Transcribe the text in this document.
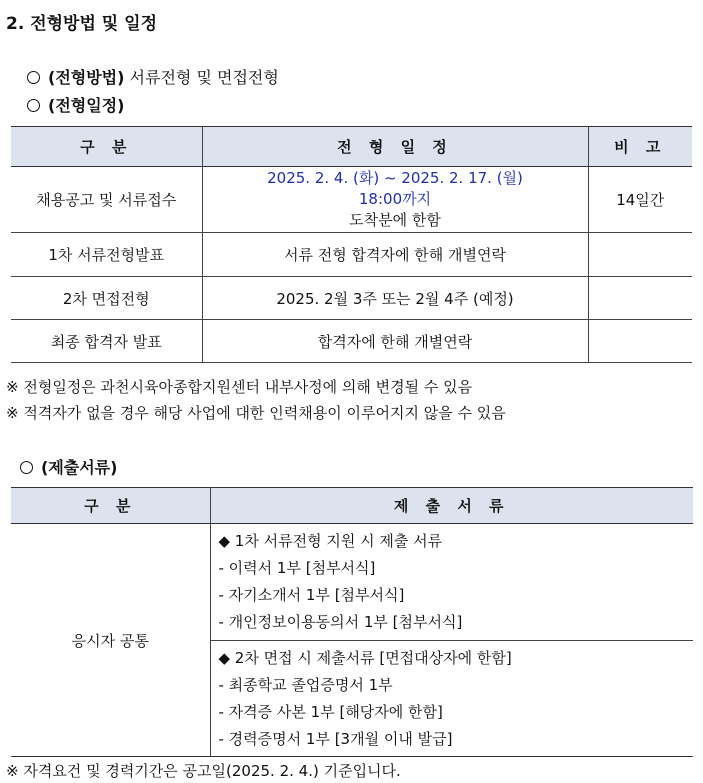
2. 전형방법 및 일정
(전형방법) 서류전형 및 면접전형
(전형일정)
구 분	전 형 일 정	비 고
채용공고 및 서류접수	2025. 2. 4. (화) ~ 2025. 2. 17. (월)
18:00까지
도착분에 한함	14일간
1차 서류전형발표	서류 전형 합격자에 한해 개별연락	
2차 면접전형	2025. 2월 3주 또는 2월 4주 (예정)	
최종 합격자 발표	합격자에 한해 개별연락	
※ 전형일정은 과천시육아종합지원센터 내부사정에 의해 변경될 수 있음
※ 적격자가 없을 경우 해당 사업에 대한 인력채용이 이루어지지 않을 수 있음
(제출서류)
구 분	제 출 서 류
응시자 공통	◆ 1차 서류전형 지원 시 제출 서류
- 이력서 1부 [첨부서식]
- 자기소개서 1부 [첨부서식]
- 개인정보이용동의서 1부 [첨부서식]

	◆ 2차 면접 시 제출서류 [면접대상자에 한함]
- 최종학교 졸업증명서 1부
- 자격증 사본 1부 [해당자에 한함]
- 경력증명서 1부 [3개월 이내 발급]
※ 자격요건 및 경력기간은 공고일(2025. 2. 4.) 기준입니다.
